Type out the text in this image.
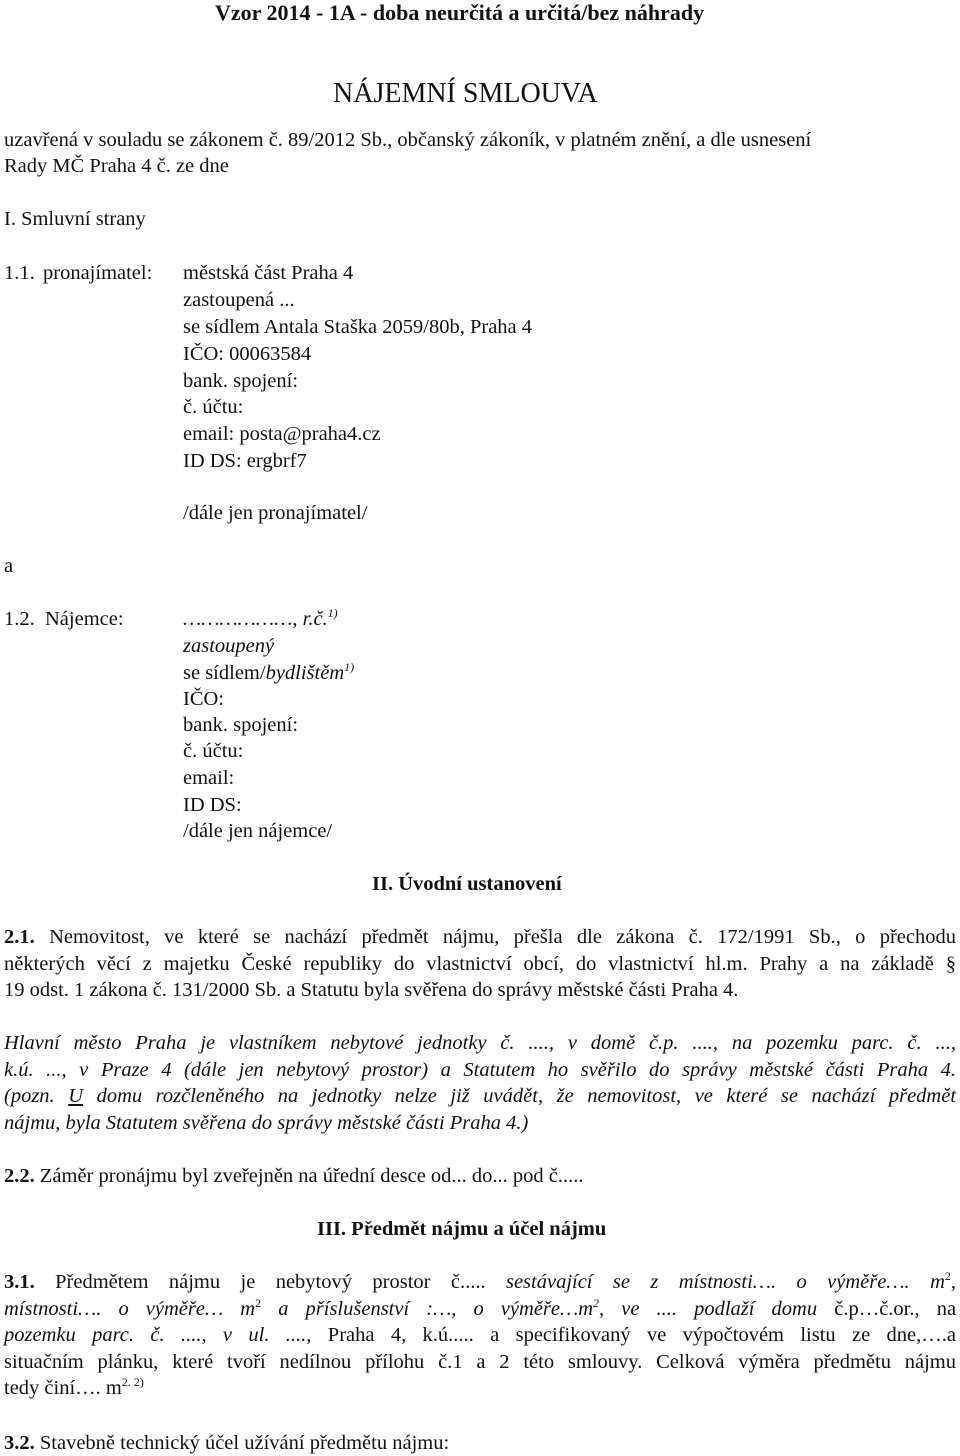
Vzor 2014 - 1A - doba neurčitá a určitá/bez náhrady
NÁJEMNÍ SMLOUVA
uzavřená v souladu se zákonem č. 89/2012 Sb., občanský zákoník, v platném znění, a dle usnesení
Rady MČ Praha 4 č. ze dne
I. Smluvní strany
1.1. pronajímatel: městská část Praha 4
zastoupená ...
se sídlem Antala Staška 2059/80b, Praha 4
IČO: 00063584
bank. spojení:
č. účtu:
email: posta@praha4.cz
ID DS: ergbrf7
/dále jen pronajímatel/
a
1.2. Nájemce:	………………, r.č.$^{1)}$
zastoupený
se sídlem/bydlištěm$^{1)}$
IČO:
bank. spojení:
č. účtu:
email:
ID DS:
/dále jen nájemce/
II. Úvodní ustanovení
2.1. Nemovitost, ve které se nachází předmět nájmu, přešla dle zákona č. 172/1991 Sb., o přechodu
některých věcí z majetku České republiky do vlastnictví obcí, do vlastnictví hl.m. Prahy a na základě §
19 odst. 1 zákona č. 131/2000 Sb. a Statutu byla svěřena do správy městské části Praha 4.
Hlavní město Praha je vlastníkem nebytové jednotky č. ...., v domě č.p. ...., na pozemku parc. č. ...,
k.ú. ..., v Praze 4 (dále jen nebytový prostor) a Statutem ho svěřilo do správy městské části Praha 4.
(pozn. U domu rozčleněného na jednotky nelze již uvádět, že nemovitost, ve které se nachází předmět
nájmu, byla Statutem svěřena do správy městské části Praha 4.)
2.2. Záměr pronájmu byl zveřejněn na úřední desce od... do... pod č.....
III. Předmět nájmu a účel nájmu
3.1. Předmětem nájmu je nebytový prostor č..... sestávající se z místnosti…. o výměře…. $m^2$,
místnosti…. o výměře… $m^2$ a příslušenství :…, o $výměře\dots m^2$, ve .... podlaží domu č.p…č.or., na
pozemku parc. č. ...., v ul. ...., Praha 4, k.ú..... a specifikovaný ve výpočtovém listu ze dne,….a
situačním plánku, které tvoří nedílnou přílohu č.1 a 2 této smlouvy. Celková výměra předmětu nájmu
tedy činí…. $m^{2. 2)}$
3.2. Stavebně technický účel užívání předmětu nájmu:
